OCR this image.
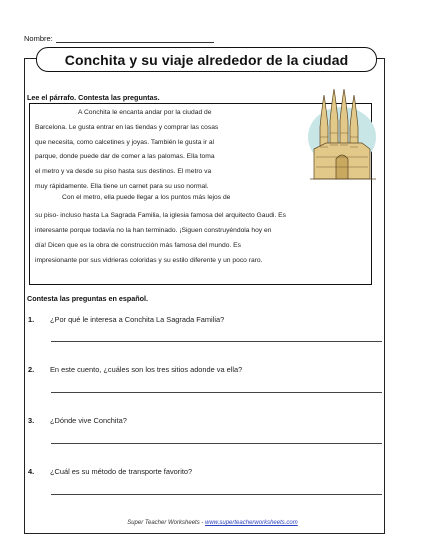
Nombre:
Conchita y su viaje alrededor de la ciudad
Lee el párrafo. Contesta las preguntas.
A Conchita le encanta andar por la ciudad de
Barcelona. Le gusta entrar en las tiendas y comprar las cosas
que necesita, como calcetines y joyas. También le gusta ir al
parque, donde puede dar de comer a las palomas. Ella toma
el metro y va desde su piso hasta sus destinos. El metro va
muy rápidamente. Ella tiene un carnet para su uso normal.
Con el metro, ella puede llegar a los puntos más lejos de
su piso- incluso hasta La Sagrada Familia, la iglesia famosa del arquitecto Gaudi. Es
interesante porque todavía no la han terminado. ¡Siguen construyéndola hoy en
día! Dicen que es la obra de construcción más famosa del mundo. Es
impresionante por sus vidrieras coloridas y su estilo diferente y un poco raro.
Contesta las preguntas en español.
1. ¿Por qué le interesa a Conchita La Sagrada Familia?
2. En este cuento, ¿cuáles son los tres sitios adonde va ella?
3. ¿Dónde vive Conchita?
4. ¿Cuál es su método de transporte favorito?
Super Teacher Worksheets - www.superteacherworksheets.com
